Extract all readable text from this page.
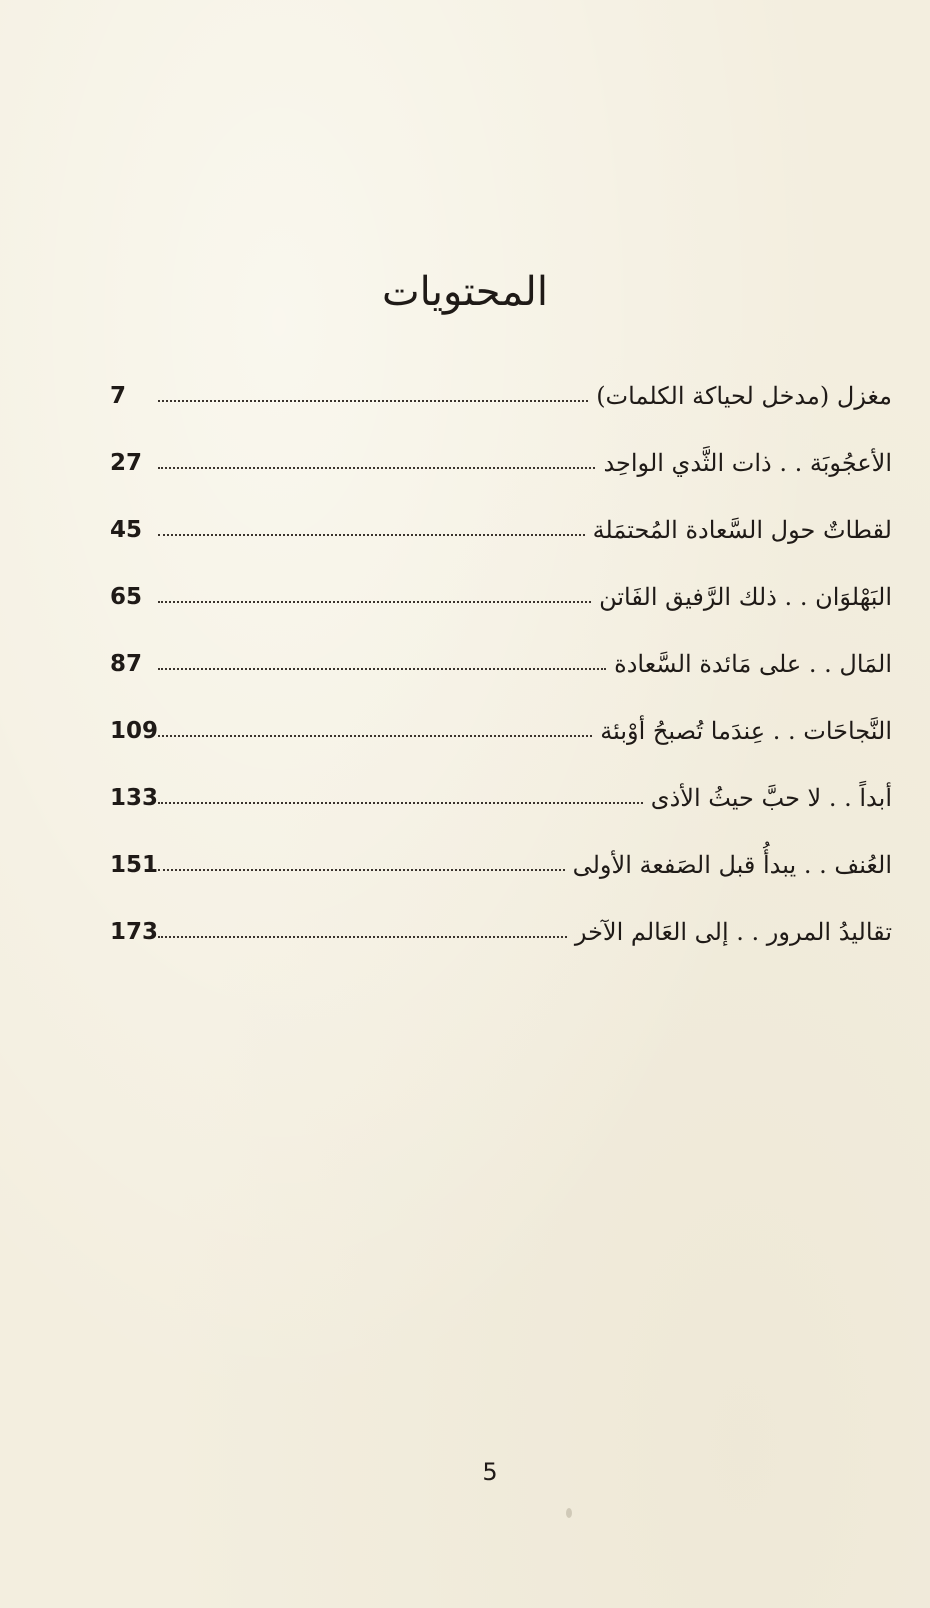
المحتويات
7	مغزل (مدخل لحياكة الكلمات)
27	الأعجُوبَة . . ذات الثَّدي الواحِد
45	لقطاتٌ حول السَّعادة المُحتمَلة
65	البَهْلوَان . . ذلك الرَّفيق الفَاتن
87	المَال . . على مَائدة السَّعادة
109	النَّجاحَات . . عِندَما تُصبحُ أوْبئة
133	أبداً . . لا حبَّ حيثُ الأذى
151	العُنف . . يبدأُ قبل الصَفعة الأولى
173	تقاليدُ المرور . . إلى العَالم الآخر
5
